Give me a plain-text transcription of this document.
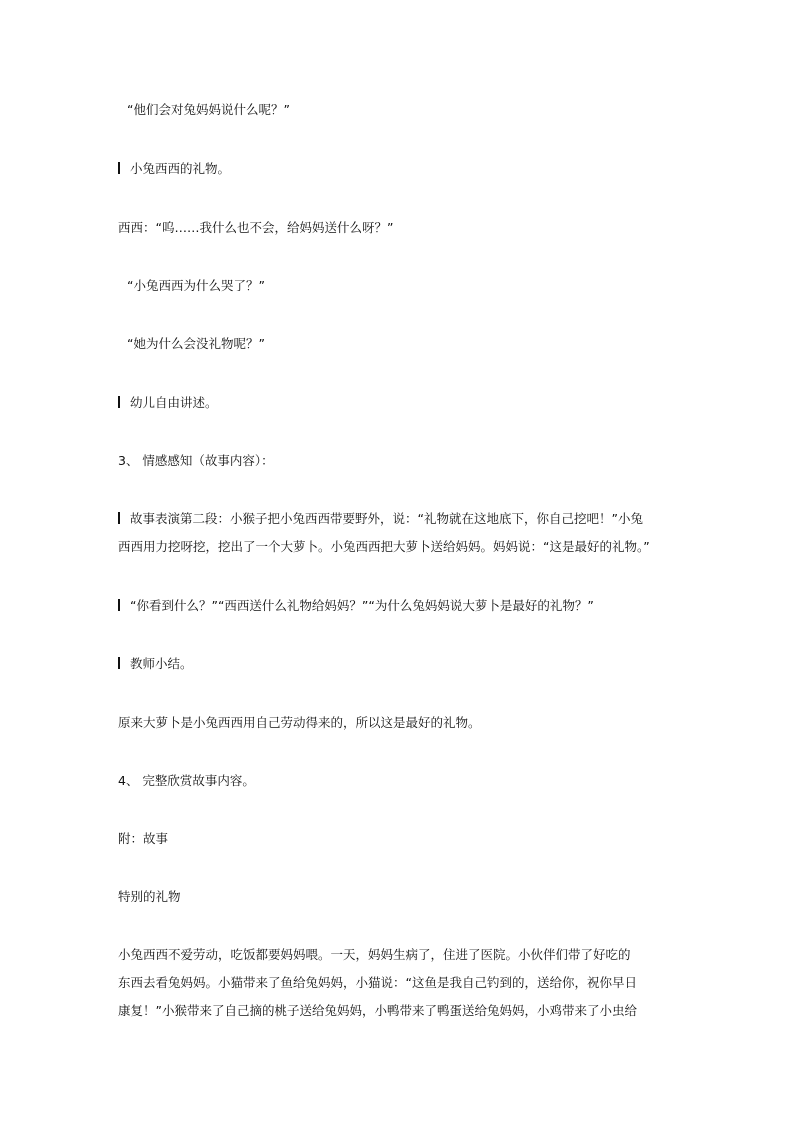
“他们会对兔妈妈说什么呢？”
小兔西西的礼物。
西西：“呜……我什么也不会，给妈妈送什么呀？”
“小兔西西为什么哭了？”
“她为什么会没礼物呢？”
幼儿自由讲述。
3、 情感感知（故事内容）：
故事表演第二段：小猴子把小兔西西带要野外，说：“礼物就在这地底下，你自己挖吧！”小兔
西西用力挖呀挖，挖出了一个大萝卜。小兔西西把大萝卜送给妈妈。妈妈说：“这是最好的礼物。”
“你看到什么？”“西西送什么礼物给妈妈？”“为什么兔妈妈说大萝卜是最好的礼物？”
教师小结。
原来大萝卜是小兔西西用自己劳动得来的，所以这是最好的礼物。
4、 完整欣赏故事内容。
附：故事
特别的礼物
小兔西西不爱劳动，吃饭都要妈妈喂。一天，妈妈生病了，住进了医院。小伙伴们带了好吃的
东西去看兔妈妈。小猫带来了鱼给兔妈妈，小猫说：“这鱼是我自己钓到的，送给你，祝你早日
康复！”小猴带来了自己摘的桃子送给兔妈妈，小鸭带来了鸭蛋送给兔妈妈，小鸡带来了小虫给
